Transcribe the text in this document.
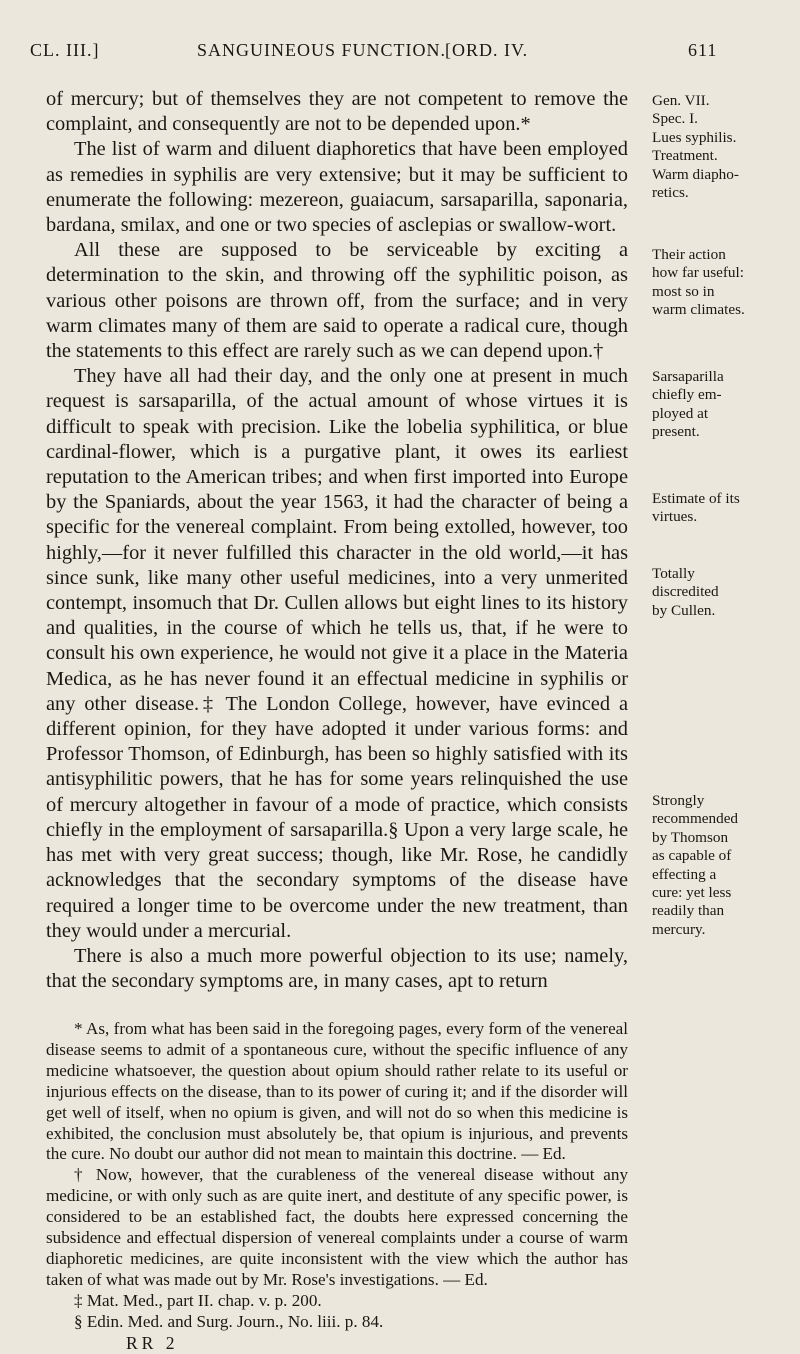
CL. III.]	SANGUINEOUS FUNCTION.
[ORD. IV.	611

of mercury; but of themselves they are not competent to remove the complaint, and consequently are not to be depended upon.*

The list of warm and diluent diaphoretics that have been employed as remedies in syphilis are very extensive; but it may be sufficient to enumerate the following: mezereon, guaiacum, sarsaparilla, saponaria, bardana, smilax, and one or two species of asclepias or swallow-wort.

All these are supposed to be serviceable by exciting a determination to the skin, and throwing off the syphilitic poison, as various other poisons are thrown off, from the surface; and in very warm climates many of them are said to operate a radical cure, though the statements to this effect are rarely such as we can depend upon.†

They have all had their day, and the only one at present in much request is sarsaparilla, of the actual amount of whose virtues it is difficult to speak with precision. Like the lobelia syphilitica, or blue cardinal-flower, which is a purgative plant, it owes its earliest reputation to the American tribes; and when first imported into Europe by the Spaniards, about the year 1563, it had the character of being a specific for the venereal complaint. From being extolled, however, too highly,—for it never fulfilled this character in the old world,—it has since sunk, like many other useful medicines, into a very unmerited contempt, insomuch that Dr. Cullen allows but eight lines to its history and qualities, in the course of which he tells us, that, if he were to consult his own experience, he would not give it a place in the Materia Medica, as he has never found it an effectual medicine in syphilis or any other disease.‡ The London College, however, have evinced a different opinion, for they have adopted it under various forms: and Professor Thomson, of Edinburgh, has been so highly satisfied with its antisyphilitic powers, that he has for some years relinquished the use of mercury altogether in favour of a mode of practice, which consists chiefly in the employment of sarsaparilla.§ Upon a very large scale, he has met with very great success; though, like Mr. Rose, he candidly acknowledges that the secondary symptoms of the disease have required a longer time to be overcome under the new treatment, than they would under a mercurial.

There is also a much more powerful objection to its use; namely, that the secondary symptoms are, in many cases, apt to return

* As, from what has been said in the foregoing pages, every form of the venereal disease seems to admit of a spontaneous cure, without the specific influence of any medicine whatsoever, the question about opium should rather relate to its useful or injurious effects on the disease, than to its power of curing it; and if the disorder will get well of itself, when no opium is given, and will not do so when this medicine is exhibited, the conclusion must absolutely be, that opium is injurious, and prevents the cure. No doubt our author did not mean to maintain this doctrine. — Ed.

† Now, however, that the curableness of the venereal disease without any medicine, or with only such as are quite inert, and destitute of any specific power, is considered to be an established fact, the doubts here expressed concerning the subsidence and effectual dispersion of venereal complaints under a course of warm diaphoretic medicines, are quite inconsistent with the view which the author has taken of what was made out by Mr. Rose's investigations. — Ed.

‡ Mat. Med., part II. chap. v. p. 200.

§ Edin. Med. and Surg. Journ., No. liii. p. 84.

RR 2

Gen. VII.
Spec. I.
Lues syphilis.
Treatment.
Warm diapho-
retics.
Their action
how far useful:
most so in
warm climates.
Sarsaparilla
chiefly em-
ployed at
present.
Estimate of its
virtues.
Totally
discredited
by Cullen.
Strongly
recommended
by Thomson
as capable of
effecting a
cure: yet less
readily than
mercury.
